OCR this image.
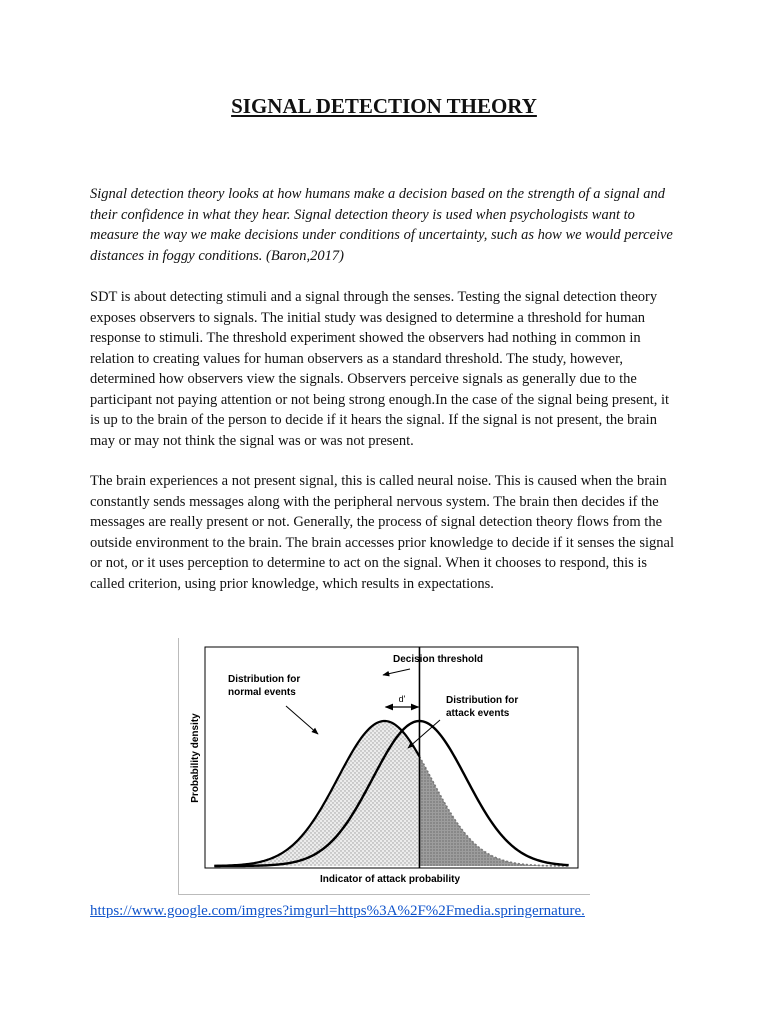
SIGNAL DETECTION THEORY

Signal detection theory looks at how humans make a decision based on the strength of a signal and their confidence in what they hear. Signal detection theory is used when psychologists want to measure the way we make decisions under conditions of uncertainty, such as how we would perceive distances in foggy conditions. (Baron,2017)

SDT is about detecting stimuli and a signal through the senses. Testing the signal detection theory exposes observers to signals. The initial study was designed to determine a threshold for human response to stimuli. The threshold experiment showed the observers had nothing in common in relation to creating values for human observers as a standard threshold. The study, however, determined how observers view the signals. Observers perceive signals as generally due to the participant not paying attention or not being strong enough.In the case of the signal being present, it is up to the brain of the person to decide if it hears the signal. If the signal is not present, the brain may or may not think the signal was or was not present.

The brain experiences a not present signal, this is called neural noise. This is caused when the brain constantly sends messages along with the peripheral nervous system. The brain then decides if the messages are really present or not. Generally, the process of signal detection theory flows from the outside environment to the brain. The brain accesses prior knowledge to decide if it senses the signal or not, or it uses perception to determine to act on the signal. When it chooses to respond, this is called criterion, using prior knowledge, which results in expectations.

d'
Decision threshold
Distribution for
normal events
Distribution for
attack events
Indicator of attack probability
Probability density
https://www.google.com/imgres?imgurl=https%3A%2F%2Fmedia.springernature.
